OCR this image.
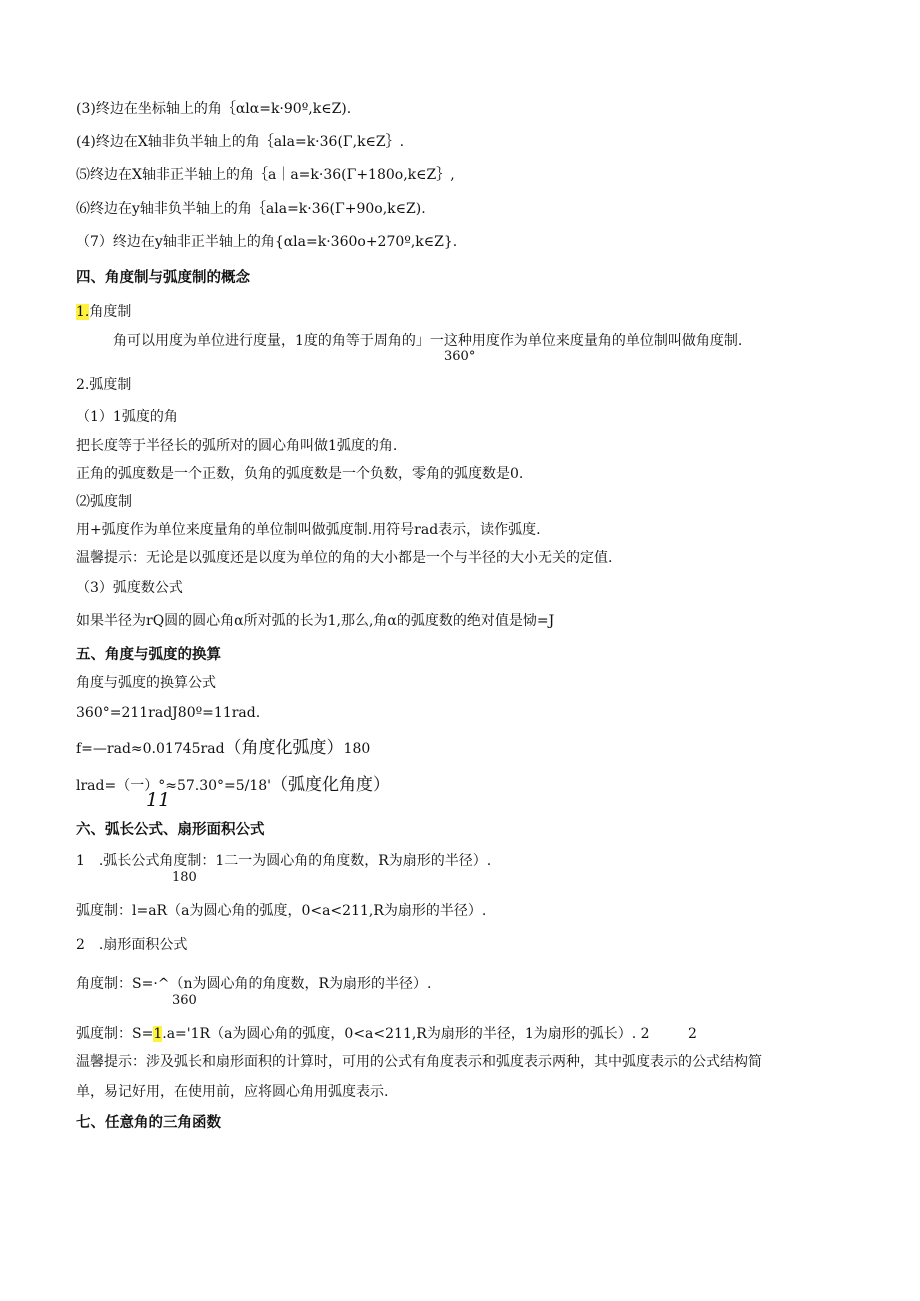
(3)终边在坐标轴上的角｛αlα=k·90º,k∈Z).
(4)终边在X轴非负半轴上的角｛ala=k·36(Γ,k∈Z｝.
⑸终边在X轴非正半轴上的角｛a｜a=k·36(Γ+180o,k∈Z｝,
⑹终边在y轴非负半轴上的角｛ala=k·36(Γ+90o,k∈Z).
（7）终边在y轴非正半轴上的角{αla=k·360o+270º,k∈Z}.
四、角度制与弧度制的概念
1.角度制
角可以用度为单位进行度量，1度的角等于周角的」一这种用度作为单位来度量角的单位制叫做角度制.
360°
2.弧度制
（1）1弧度的角
把长度等于半径长的弧所对的圆心角叫做1弧度的角.
正角的弧度数是一个正数，负角的弧度数是一个负数，零角的弧度数是0.
⑵弧度制
用+弧度作为单位来度量角的单位制叫做弧度制.用符号rad表示，读作弧度.
温馨提示：无论是以弧度还是以度为单位的角的大小都是一个与半径的大小无关的定值.
（3）弧度数公式
如果半径为rQ圆的圆心角α所对弧的长为1,那么,角α的弧度数的绝对值是恸=J
五、角度与弧度的换算
角度与弧度的换算公式
360°=211radJ80º=11rad.
f=—rad≈0.01745rad（角度化弧度）180
lrad=（一）°≈57.30°=5/18'（弧度化角度）
11
六、弧长公式、扇形面积公式
1　.弧长公式角度制：1二一为圆心角的角度数，R为扇形的半径）.
180
弧度制：l=aR（a为圆心角的弧度，0<a<211,R为扇形的半径）.
2　.扇形面积公式
角度制：S=·^（n为圆心角的角度数，R为扇形的半径）.
360
弧度制：S=1.a='1R（a为圆心角的弧度，0<a<211,R为扇形的半径，1为扇形的弧长）. 2	2
温馨提示：涉及弧长和扇形面积的计算时，可用的公式有角度表示和弧度表示两种，其中弧度表示的公式结构简
单，易记好用，在使用前，应将圆心角用弧度表示.
七、任意角的三角函数
